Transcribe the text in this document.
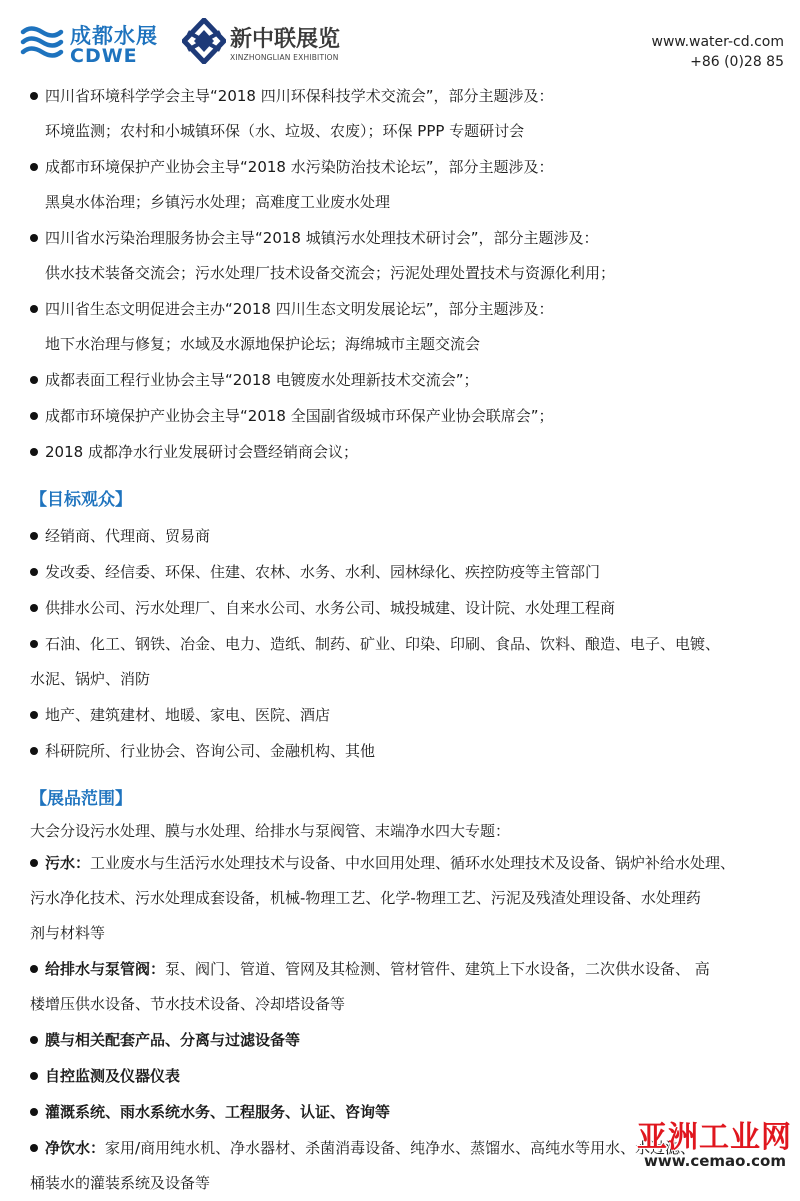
成都水展
CDWE
新中联展览
XINZHONGLIAN EXHIBITION
www.water-cd.com
+86 (0)28 85
四川省环境科学学会主导“2018 四川环保科技学术交流会”，部分主题涉及：
环境监测；农村和小城镇环保（水、垃圾、农废）；环保 PPP 专题研讨会
成都市环境保护产业协会主导“2018 水污染防治技术论坛”，部分主题涉及：
黑臭水体治理；乡镇污水处理；高难度工业废水处理
四川省水污染治理服务协会主导“2018 城镇污水处理技术研讨会”，部分主题涉及：
供水技术装备交流会；污水处理厂技术设备交流会；污泥处理处置技术与资源化利用；
四川省生态文明促进会主办“2018 四川生态文明发展论坛”，部分主题涉及：
地下水治理与修复；水域及水源地保护论坛；海绵城市主题交流会
成都表面工程行业协会主导“2018 电镀废水处理新技术交流会”；
成都市环境保护产业协会主导“2018 全国副省级城市环保产业协会联席会”；
2018 成都净水行业发展研讨会暨经销商会议；
【目标观众】
经销商、代理商、贸易商
发改委、经信委、环保、住建、农林、水务、水利、园林绿化、疾控防疫等主管部门
供排水公司、污水处理厂、自来水公司、水务公司、城投城建、设计院、水处理工程商
石油、化工、钢铁、冶金、电力、造纸、制药、矿业、印染、印刷、食品、饮料、酿造、电子、电镀、
水泥、锅炉、消防
地产、建筑建材、地暖、家电、医院、酒店
科研院所、行业协会、咨询公司、金融机构、其他
【展品范围】
大会分设污水处理、膜与水处理、给排水与泵阀管、末端净水四大专题：
污水：工业废水与生活污水处理技术与设备、中水回用处理、循环水处理技术及设备、锅炉补给水处理、
污水净化技术、污水处理成套设备，机械-物理工艺、化学-物理工艺、污泥及残渣处理设备、水处理药
剂与材料等
给排水与泵管阀：泵、阀门、管道、管网及其检测、管材管件、建筑上下水设备，二次供水设备、 高
楼增压供水设备、节水技术设备、冷却塔设备等
膜与相关配套产品、分离与过滤设备等
自控监测及仪器仪表
灌溉系统、雨水系统水务、工程服务、认证、咨询等
净饮水：家用/商用纯水机、净水器材、杀菌消毒设备、纯净水、蒸馏水、高纯水等用水、水过滤、
桶装水的灌装系统及设备等
亚洲工业网
www.cemao.com
